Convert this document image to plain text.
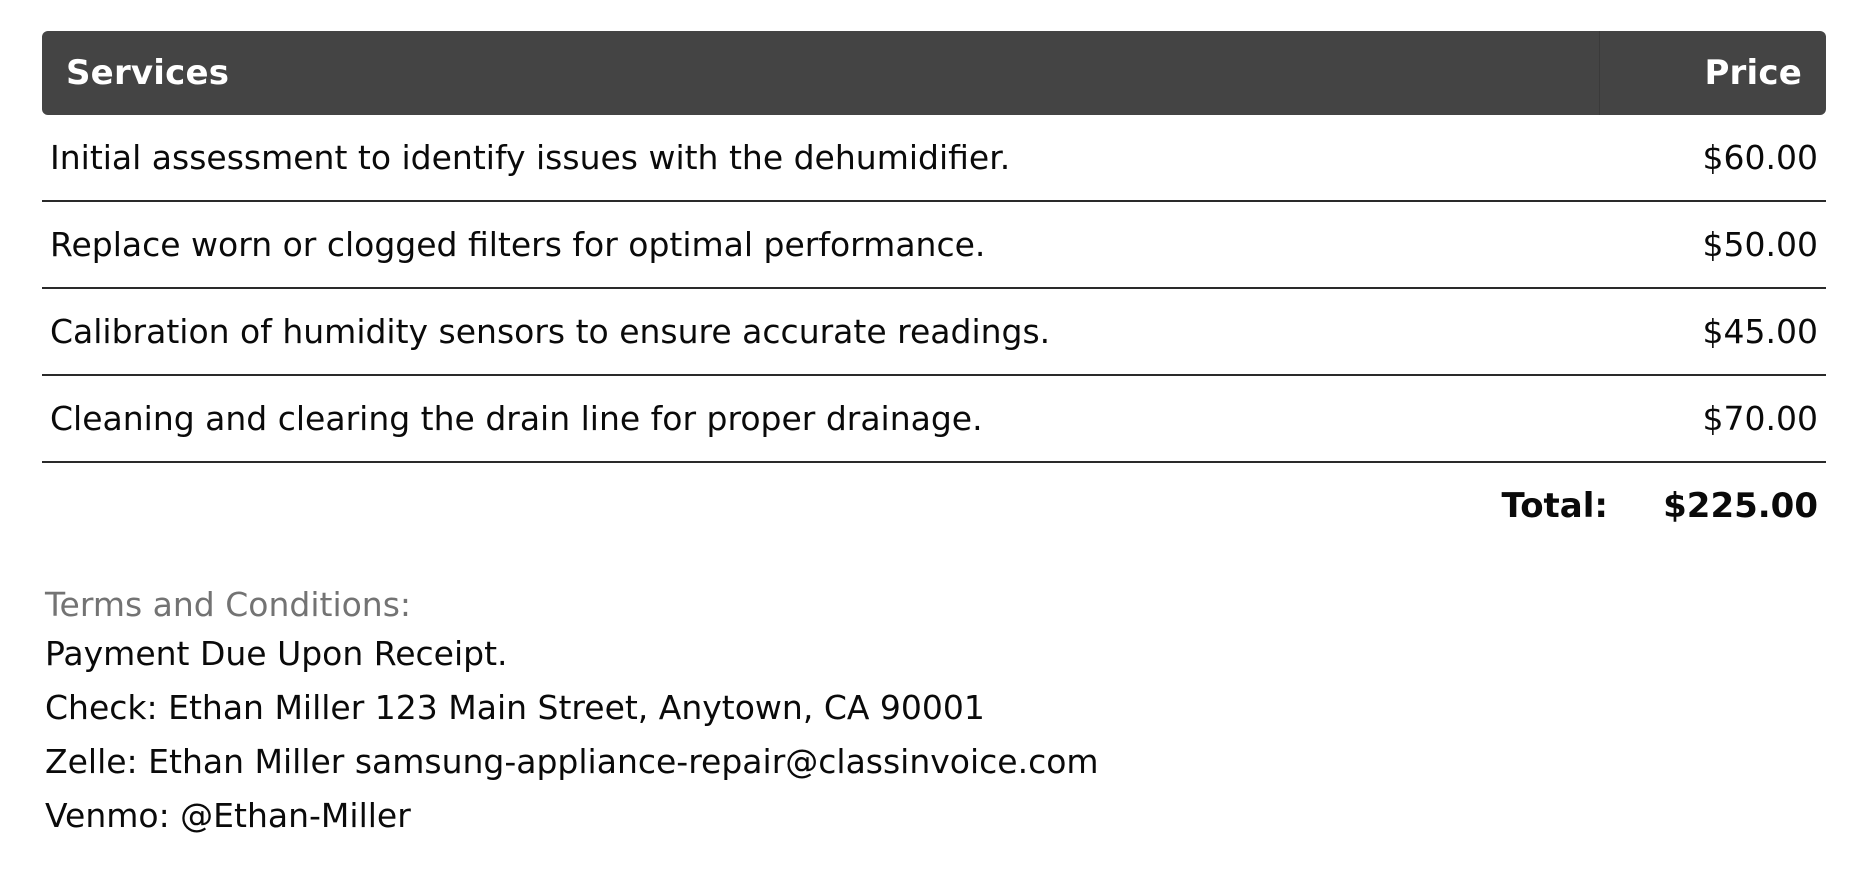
Services	Price
Initial assessment to identify issues with the dehumidifier.	$60.00
Replace worn or clogged filters for optimal performance.	$50.00
Calibration of humidity sensors to ensure accurate readings.	$45.00
Cleaning and clearing the drain line for proper drainage.	$70.00
Total:	$225.00
Terms and Conditions:
Payment Due Upon Receipt.
Check: Ethan Miller 123 Main Street, Anytown, CA 90001
Zelle: Ethan Miller samsung-appliance-repair@classinvoice.com
Venmo: @Ethan-Miller
